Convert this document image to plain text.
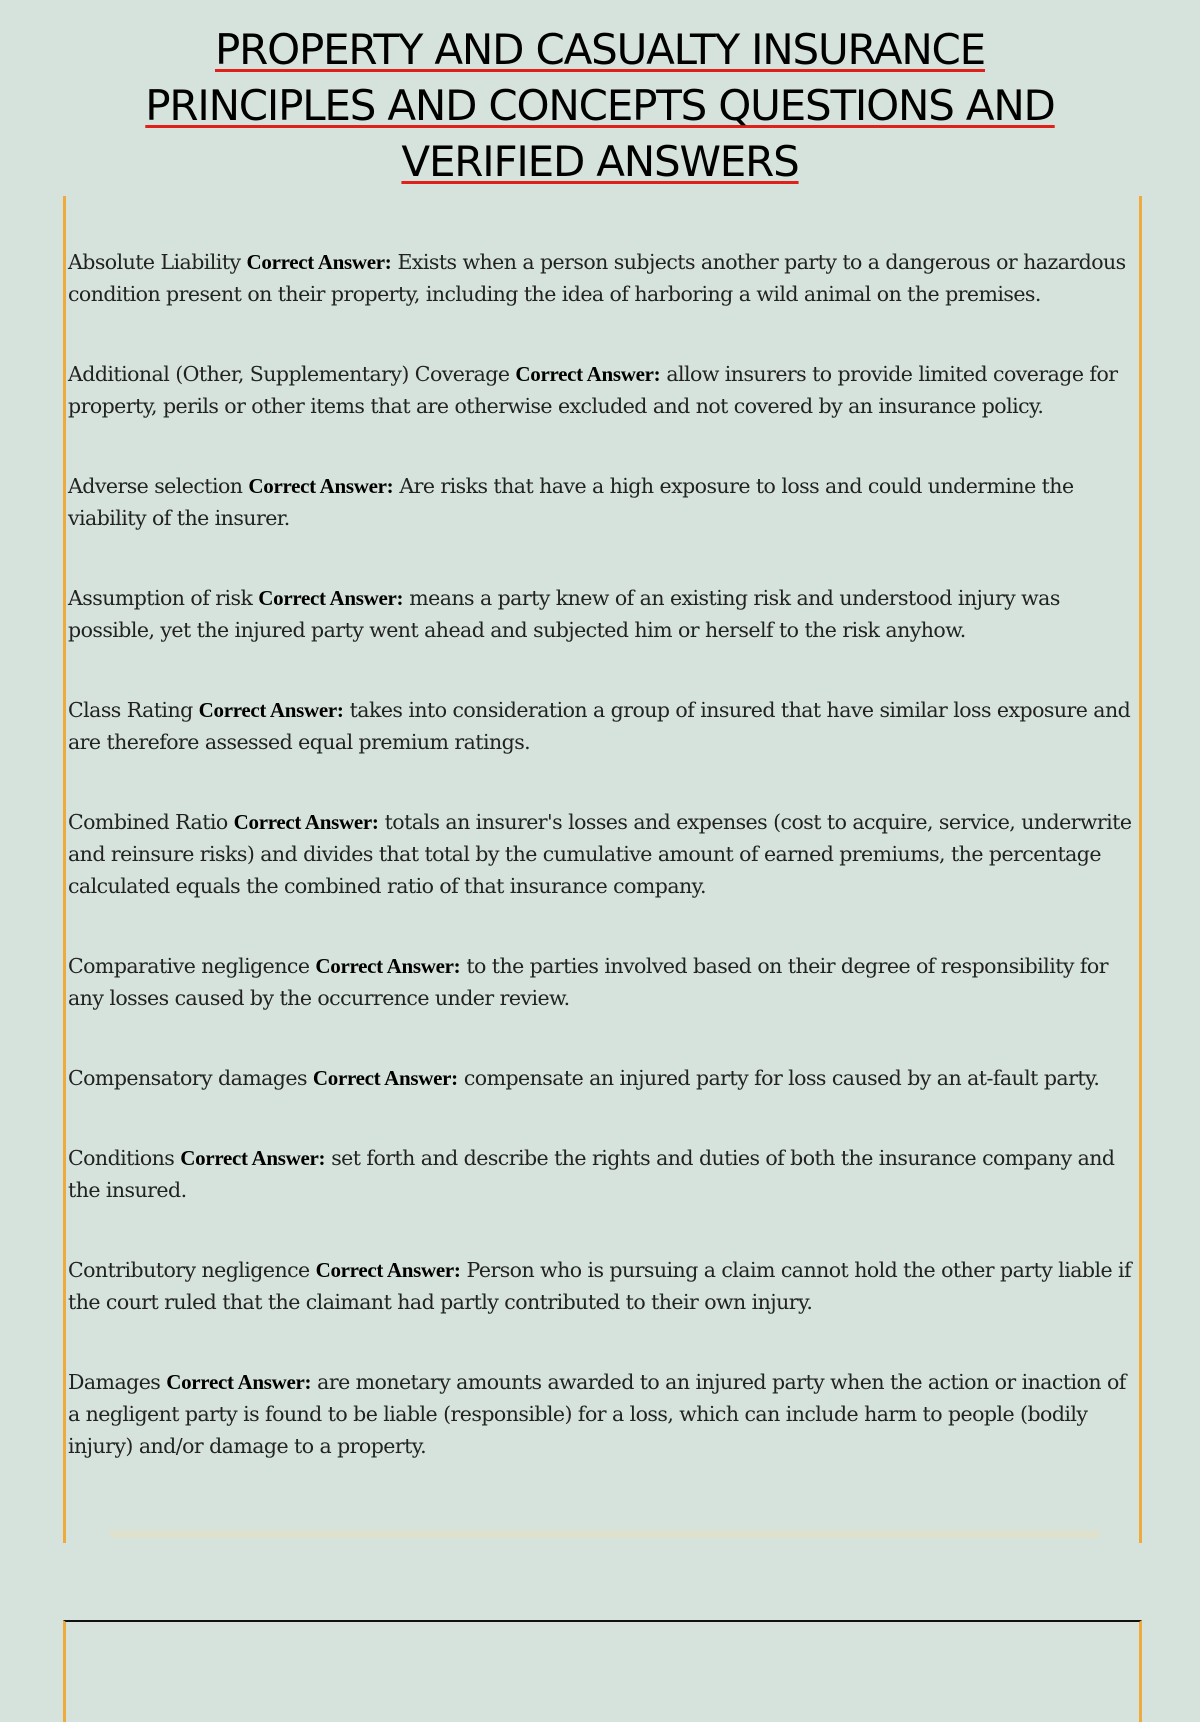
PROPERTY AND CASUALTY INSURANCE
PRINCIPLES AND CONCEPTS QUESTIONS AND
VERIFIED ANSWERS

Absolute Liability Correct Answer: Exists when a person subjects another party to a dangerous or hazardous condition present on their property, including the idea of harboring a wild animal on the premises.

Additional (Other, Supplementary) Coverage Correct Answer: allow insurers to provide limited coverage for property, perils or other items that are otherwise excluded and not covered by an insurance policy.

Adverse selection Correct Answer: Are risks that have a high exposure to loss and could undermine the viability of the insurer.

Assumption of risk Correct Answer: means a party knew of an existing risk and understood injury was possible, yet the injured party went ahead and subjected him or herself to the risk anyhow.

Class Rating Correct Answer: takes into consideration a group of insured that have similar loss exposure and are therefore assessed equal premium ratings.

Combined Ratio Correct Answer: totals an insurer's losses and expenses (cost to acquire, service, underwrite and reinsure risks) and divides that total by the cumulative amount of earned premiums, the percentage calculated equals the combined ratio of that insurance company.

Comparative negligence Correct Answer: to the parties involved based on their degree of responsibility for any losses caused by the occurrence under review.

Compensatory damages Correct Answer: compensate an injured party for loss caused by an at-fault party.

Conditions Correct Answer: set forth and describe the rights and duties of both the insurance company and the insured.

Contributory negligence Correct Answer: Person who is pursuing a claim cannot hold the other party liable if the court ruled that the claimant had partly contributed to their own injury.

Damages Correct Answer: are monetary amounts awarded to an injured party when the action or inaction of a negligent party is found to be liable (responsible) for a loss, which can include harm to people (bodily injury) and/or damage to a property.
